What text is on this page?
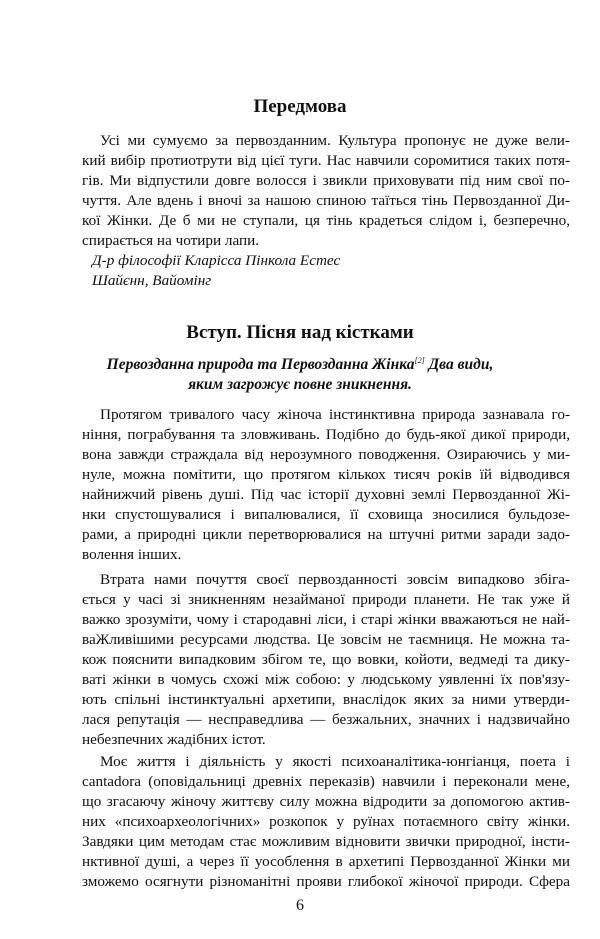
Передмова

Усі ми сумуємо за первозданним. Культура пропонує не дуже вели-

кий вибір протиотрути від цієї туги. Нас навчили соромитися таких потя-

гів. Ми відпустили довге волосся і звикли приховувати під ним свої по-

чуття. Але вдень і вночі за нашою спиною таїться тінь Первозданної Ди-

кої Жінки. Де б ми не ступали, ця тінь крадеться слідом і, безперечно,

спирається на чотири лапи.

Д-р філософії Кларісса Пінкола Естес

Шайєнн, Вайомінг

Вступ. Пісня над кістками

Первозданна природа та Первозданна Жінка[2] Два види,

яким загрожує повне зникнення.

Протягом тривалого часу жіноча інстинктивна природа зазнавала го-

ніння, пограбування та зловживань. Подібно до будь-якої дикої природи,

вона завжди страждала від нерозумного поводження. Озираючись у ми-

нуле, можна помітити, що протягом кількох тисяч років їй відводився

найнижчий рівень душі. Під час історії духовні землі Первозданної Жі-

нки спустошувалися і випалювалися, її сховища зносилися бульдозе-

рами, а природні цикли перетворювалися на штучні ритми заради задо-

волення інших.

Втрата нами почуття своєї первозданності зовсім випадково збіга-

ється у часі зі зникненням незайманої природи планети. Не так уже й

важко зрозуміти, чому і стародавні ліси, і старі жінки вважаються не най-

ваЖливішими ресурсами людства. Це зовсім не таємниця. Не можна та-

кож пояснити випадковим збігом те, що вовки, койоти, ведмеді та дику-

ваті жінки в чомусь схожі між собою: у людському уявленні їх пов'язу-

ють спільні інстинктуальні архетипи, внаслідок яких за ними утверди-

лася репутація — несправедлива — безжальних, значних і надзвичайно

небезпечних жадібних істот.

Моє життя і діяльність у якості психоаналітика-юнгіанця, поета і

cantadora (оповідальниці древніх переказів) навчили і переконали мене,

що згасаючу жіночу життєву силу можна відродити за допомогою актив-

них «психоархеологічних» розкопок у руїнах потаємного світу жінки.

Завдяки цим методам стає можливим відновити звички природної, інсти-

нктивної душі, а через її уособлення в архетипі Первозданної Жінки ми

зможемо осягнути різноманітні прояви глибокої жіночої природи. Сфера

6
